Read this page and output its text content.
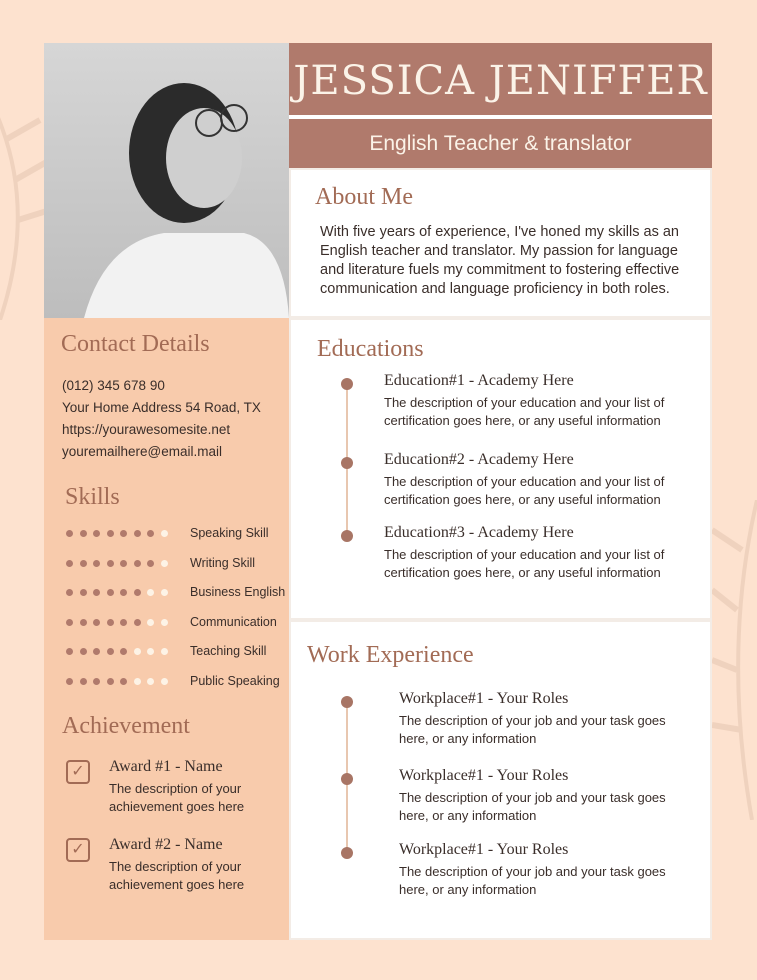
JESSICA JENIFFER
English Teacher & translator
About Me
With five years of experience, I've honed my skills as an English teacher and translator. My passion for language and literature fuels my commitment to fostering effective communication and language proficiency in both roles.
Contact Details
(012) 345 678 90
Your Home Address 54 Road, TX
https://yourawesomesite.net
youremailhere@email.mail
Skills
Speaking Skill
Writing Skill
Business English
Communication
Teaching Skill
Public Speaking
Achievement
✓	Award #1 - Name
The description of your achievement goes here
✓	Award #2 - Name
The description of your achievement goes here
Educations
Education#1 - Academy Here
The description of your education and your list of certification goes here, or any useful information
Education#2 - Academy Here
The description of your education and your list of certification goes here, or any useful information
Education#3 - Academy Here
The description of your education and your list of certification goes here, or any useful information
Work Experience
Workplace#1 - Your Roles
The description of your job and your task goes here, or any information
Workplace#1 - Your Roles
The description of your job and your task goes here, or any information
Workplace#1 - Your Roles
The description of your job and your task goes here, or any information
